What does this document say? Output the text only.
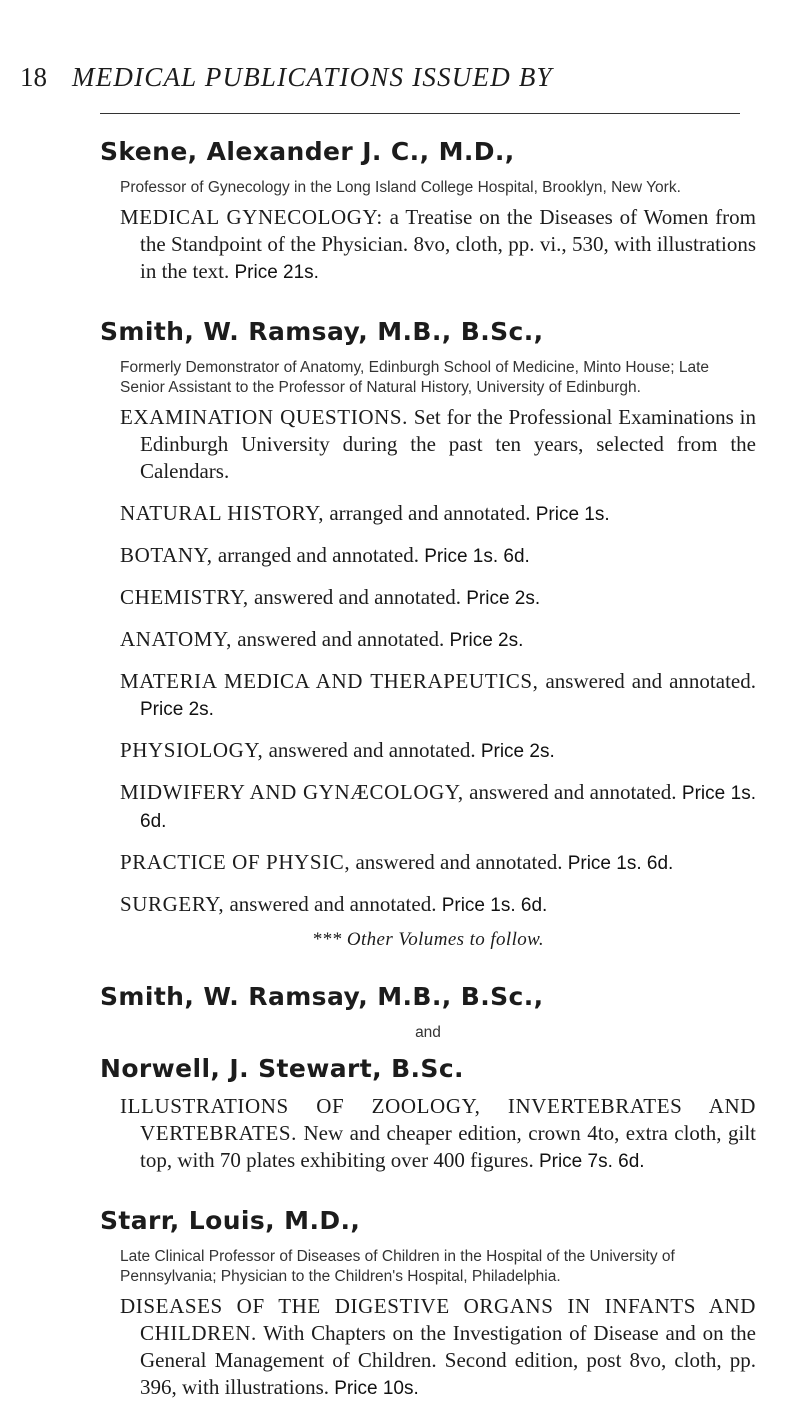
18 MEDICAL PUBLICATIONS ISSUED BY
Skene, Alexander J. C., M.D.,
Professor of Gynecology in the Long Island College Hospital, Brooklyn, New York.

MEDICAL GYNECOLOGY: a Treatise on the Diseases of Women from the Standpoint of the Physician. 8vo, cloth, pp. vi., 530, with illustrations in the text. Price 21s.

Smith, W. Ramsay, M.B., B.Sc.,
Formerly Demonstrator of Anatomy, Edinburgh School of Medicine, Minto House; Late Senior Assistant to the Professor of Natural History, University of Edinburgh.

EXAMINATION QUESTIONS. Set for the Professional Examinations in Edinburgh University during the past ten years, selected from the Calendars.

NATURAL HISTORY, arranged and annotated. Price 1s.

BOTANY, arranged and annotated. Price 1s. 6d.

CHEMISTRY, answered and annotated. Price 2s.

ANATOMY, answered and annotated. Price 2s.

MATERIA MEDICA AND THERAPEUTICS, answered and annotated. Price 2s.

PHYSIOLOGY, answered and annotated. Price 2s.

MIDWIFERY AND GYNÆCOLOGY, answered and annotated. Price 1s. 6d.

PRACTICE OF PHYSIC, answered and annotated. Price 1s. 6d.

SURGERY, answered and annotated. Price 1s. 6d.

*** Other Volumes to follow.
Smith, W. Ramsay, M.B., B.Sc.,
and
Norwell, J. Stewart, B.Sc.

ILLUSTRATIONS OF ZOOLOGY, INVERTEBRATES AND VERTEBRATES. New and cheaper edition, crown 4to, extra cloth, gilt top, with 70 plates exhibiting over 400 figures. Price 7s. 6d.

Starr, Louis, M.D.,
Late Clinical Professor of Diseases of Children in the Hospital of the University of Pennsylvania; Physician to the Children's Hospital, Philadelphia.

DISEASES OF THE DIGESTIVE ORGANS IN INFANTS AND CHILDREN. With Chapters on the Investigation of Disease and on the General Management of Children. Second edition, post 8vo, cloth, pp. 396, with illustrations. Price 10s.
